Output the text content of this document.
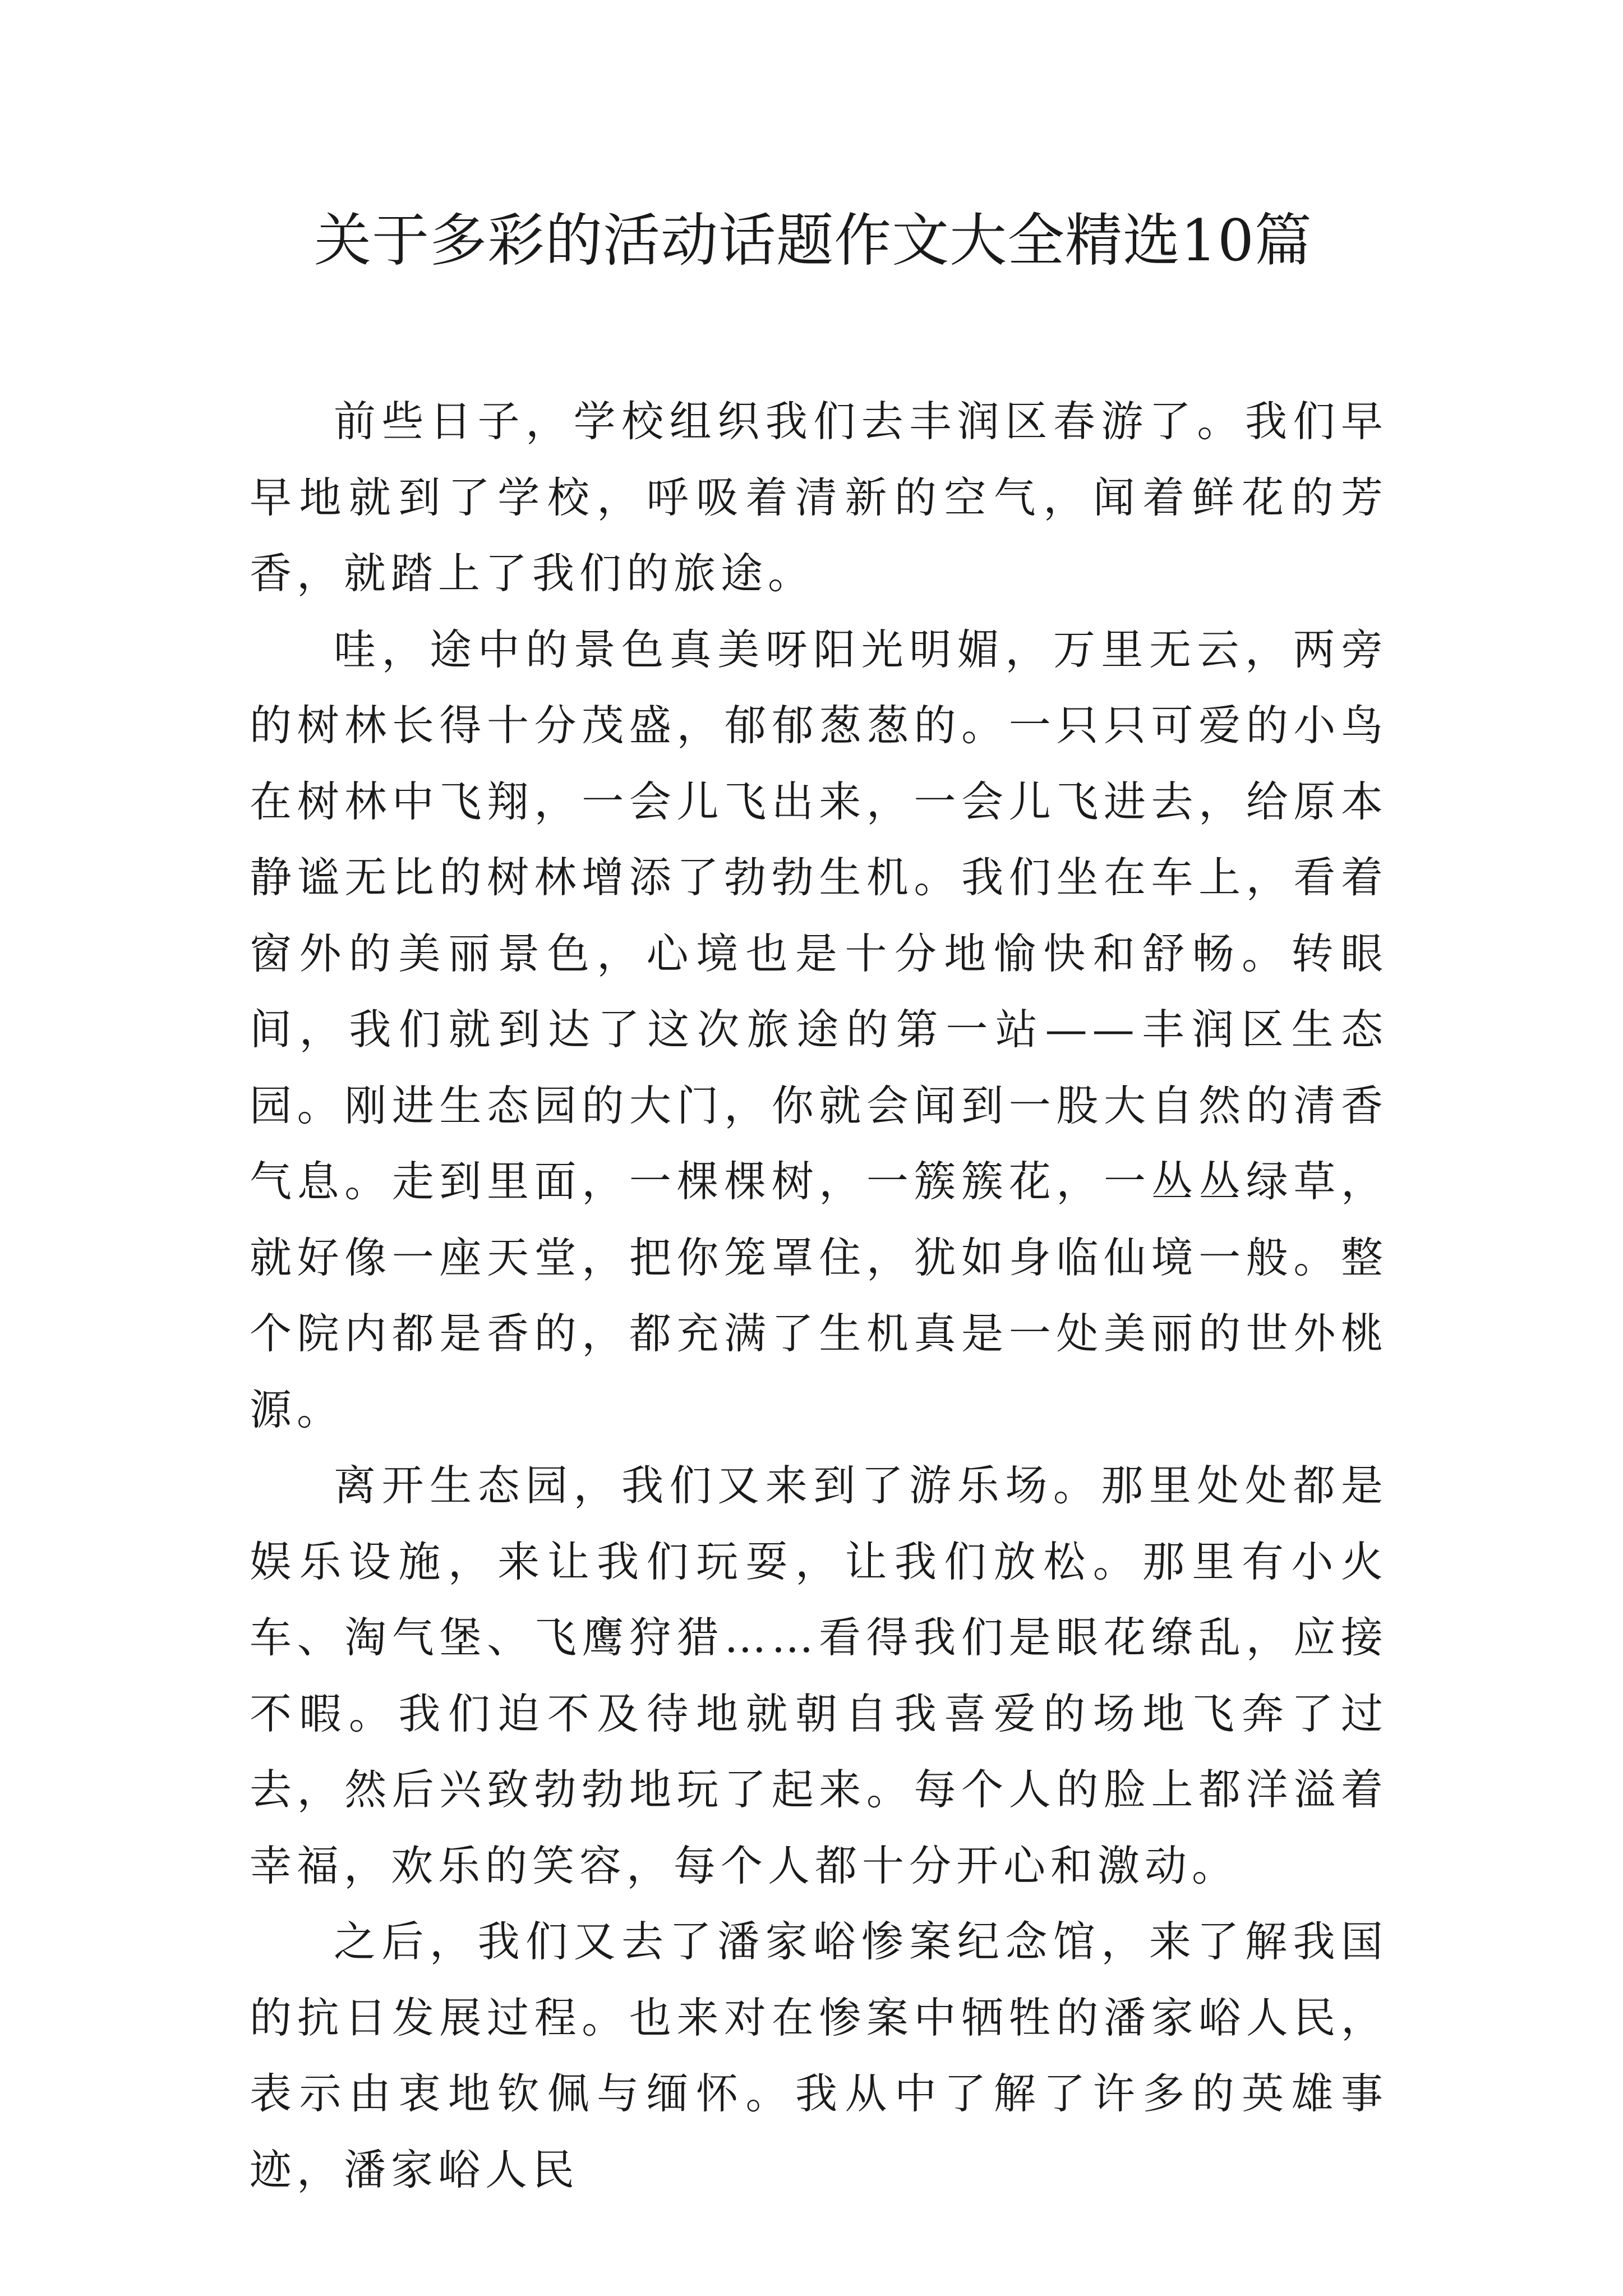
关于多彩的活动话题作文大全精选10篇

前些日子，学校组织我们去丰润区春游了。我们早早地就到了学校，呼吸着清新的空气，闻着鲜花的芳香，就踏上了我们的旅途。

哇，途中的景色真美呀阳光明媚，万里无云，两旁的树林长得十分茂盛，郁郁葱葱的。一只只可爱的小鸟在树林中飞翔，一会儿飞出来，一会儿飞进去，给原本静谧无比的树林增添了勃勃生机。我们坐在车上，看着窗外的美丽景色，心境也是十分地愉快和舒畅。转眼间，我们就到达了这次旅途的第一站——丰润区生态园。刚进生态园的大门，你就会闻到一股大自然的清香气息。走到里面，一棵棵树，一簇簇花，一丛丛绿草，就好像一座天堂，把你笼罩住，犹如身临仙境一般。整个院内都是香的，都充满了生机真是一处美丽的世外桃源。

离开生态园，我们又来到了游乐场。那里处处都是娱乐设施，来让我们玩耍，让我们放松。那里有小火车、淘气堡、飞鹰狩猎……看得我们是眼花缭乱，应接不暇。我们迫不及待地就朝自我喜爱的场地飞奔了过去，然后兴致勃勃地玩了起来。每个人的脸上都洋溢着幸福，欢乐的笑容，每个人都十分开心和激动。

之后，我们又去了潘家峪惨案纪念馆，来了解我国的抗日发展过程。也来对在惨案中牺牲的潘家峪人民，表示由衷地钦佩与缅怀。我从中了解了许多的英雄事迹，潘家峪人民
